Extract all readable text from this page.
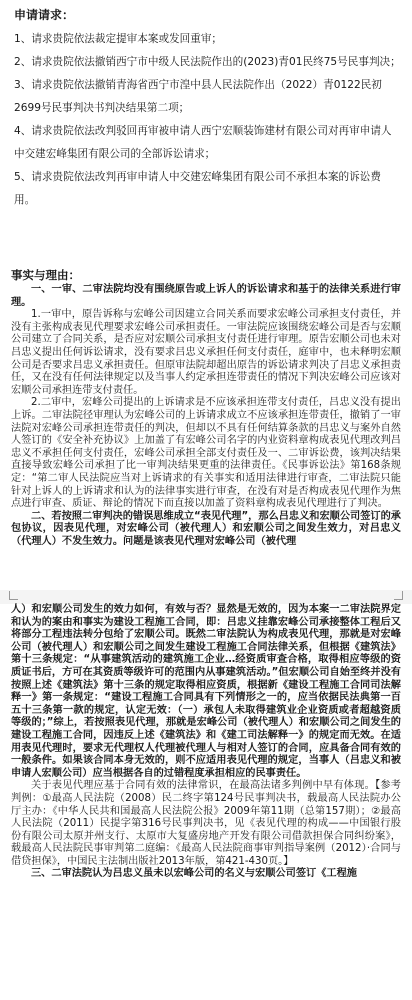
申请请求：

1、请求贵院依法裁定提审本案或发回重审；

2、请求贵院依法撤销西宁市中级人民法院作出的(2023)青01民终75号民事判决；

3、请求贵院依法撤销青海省西宁市湟中县人民法院作出（2022）青0122民初2699号民事判决书判决结果第二项；

4、请求贵院依法改判驳回再审被申请人西宁宏顺装饰建材有限公司对再审申请人中交建宏峰集团有限公司的全部诉讼请求；

5、请求贵院依法改判再审申请人中交建宏峰集团有限公司不承担本案的诉讼费用。

事实与理由：

一、一审、二审法院均没有围绕原告或上诉人的诉讼请求和基于的法律关系进行审理。

1.一审中，原告诉称与宏峰公司因建立合同关系而要求宏峰公司承担支付责任，并没有主张构成表见代理要求宏峰公司承担责任。一审法院应该围绕宏峰公司是否与宏顺公司建立了合同关系，是否应对宏顺公司承担支付责任进行审理。原告宏顺公司也未对吕忠义提出任何诉讼请求，没有要求吕忠义承担任何支付责任，庭审中，也未释明宏顺公司是否要求吕忠义承担责任。但原审法院却超出原告的诉讼请求判决了吕忠义承担责任，又在没有任何法律规定以及当事人约定承担连带责任的情况下判决宏峰公司应该对宏顺公司承担连带支付责任。

2.二审中，宏峰公司提出的上诉请求是不应该承担连带支付责任，吕忠义没有提出上诉。二审法院径审理认为宏峰公司的上诉请求成立不应该承担连带责任，撤销了一审法院对宏峰公司承担连带责任的判决，但却以不具有任何结算条款的吕忠义与案外自然人签订的《安全补充协议》上加盖了有宏峰公司名字的内业资料章构成表见代理改判吕忠义不承担任何支付责任，宏峰公司承担全部支付责任及一、二审诉讼费，该判决结果直接导致宏峰公司承担了比一审判决结果更重的法律责任。《民事诉讼法》第168条规定：“第二审人民法院应当对上诉请求的有关事实和适用法律进行审查，二审法院只能针对上诉人的上诉请求和认为的法律事实进行审查，在没有对是否构成表见代理作为焦点进行审查、质证、辩论的情况下而直接以加盖了资料章构成表见代理进行了判决。

二、若按照二审判决的错误思维成立“表见代理”，那么吕忠义和宏顺公司签订的承包协议，因表见代理，对宏峰公司（被代理人）和宏顺公司之间发生效力，对吕忠义（代理人）不发生效力。问题是该表见代理对宏峰公司（被代理

人）和宏顺公司发生的效力如何，有效与否？显然是无效的，因为本案一二审法院界定和认为的案由和事实为建设工程施工合同，即：吕忠义挂靠宏峰公司承接整体工程后又将部分工程违法转分包给了宏顺公司。既然二审法院认为构成表见代理，那就是对宏峰公司（被代理人）和宏顺公司之间发生建设工程施工合同法律关系，但根据《建筑法》第十三条规定：“从事建筑活动的建筑施工企业…经资质审查合格，取得相应等级的资质证书后，方可在其资质等级许可的范围内从事建筑活动。”但宏顺公司自始至终并没有按照上述《建筑法》第十三条的规定取得相应资质，根据新《建设工程施工合同司法解释一》第一条规定：“建设工程施工合同具有下列情形之一的，应当依据民法典第一百五十三条第一款的规定，认定无效：（一）承包人未取得建筑业企业资质或者超越资质等级的；”综上，若按照表见代理，那就是宏峰公司（被代理人）和宏顺公司之间发生的建设工程施工合同，因违反上述《建筑法》和《建工司法解释一》的规定而无效。在适用表见代理时，要求无代理权人代理被代理人与相对人签订的合同，应具备合同有效的一般条件。如果该合同本身无效的，则不应适用表见代理的规定，当事人（吕忠义和被申请人宏顺公司）应当根据各自的过错程度承担相应的民事责任。

关于表见代理应基于合同有效的法律常识，在最高法诸多判例中早有体现。【参考判例：①最高人民法院（2008）民二终字第124号民事判决书，载最高人民法院办公厅主办：《中华人民共和国最高人民法院公报》2009年第11期（总第157期）；②最高人民法院（2011）民提字第316号民事判决书，见《表见代理的构成——中国银行股份有限公司太原并州支行、太原市大复盛房地产开发有限公司借款担保合同纠纷案》，载最高人民法院民事审判第二庭编：《最高人民法院商事审判指导案例（2012）·合同与借贷担保》，中国民主法制出版社2013年版，第421-430页。】

三、二审法院认为吕忠义虽未以宏峰公司的名义与宏顺公司签订《工程施
